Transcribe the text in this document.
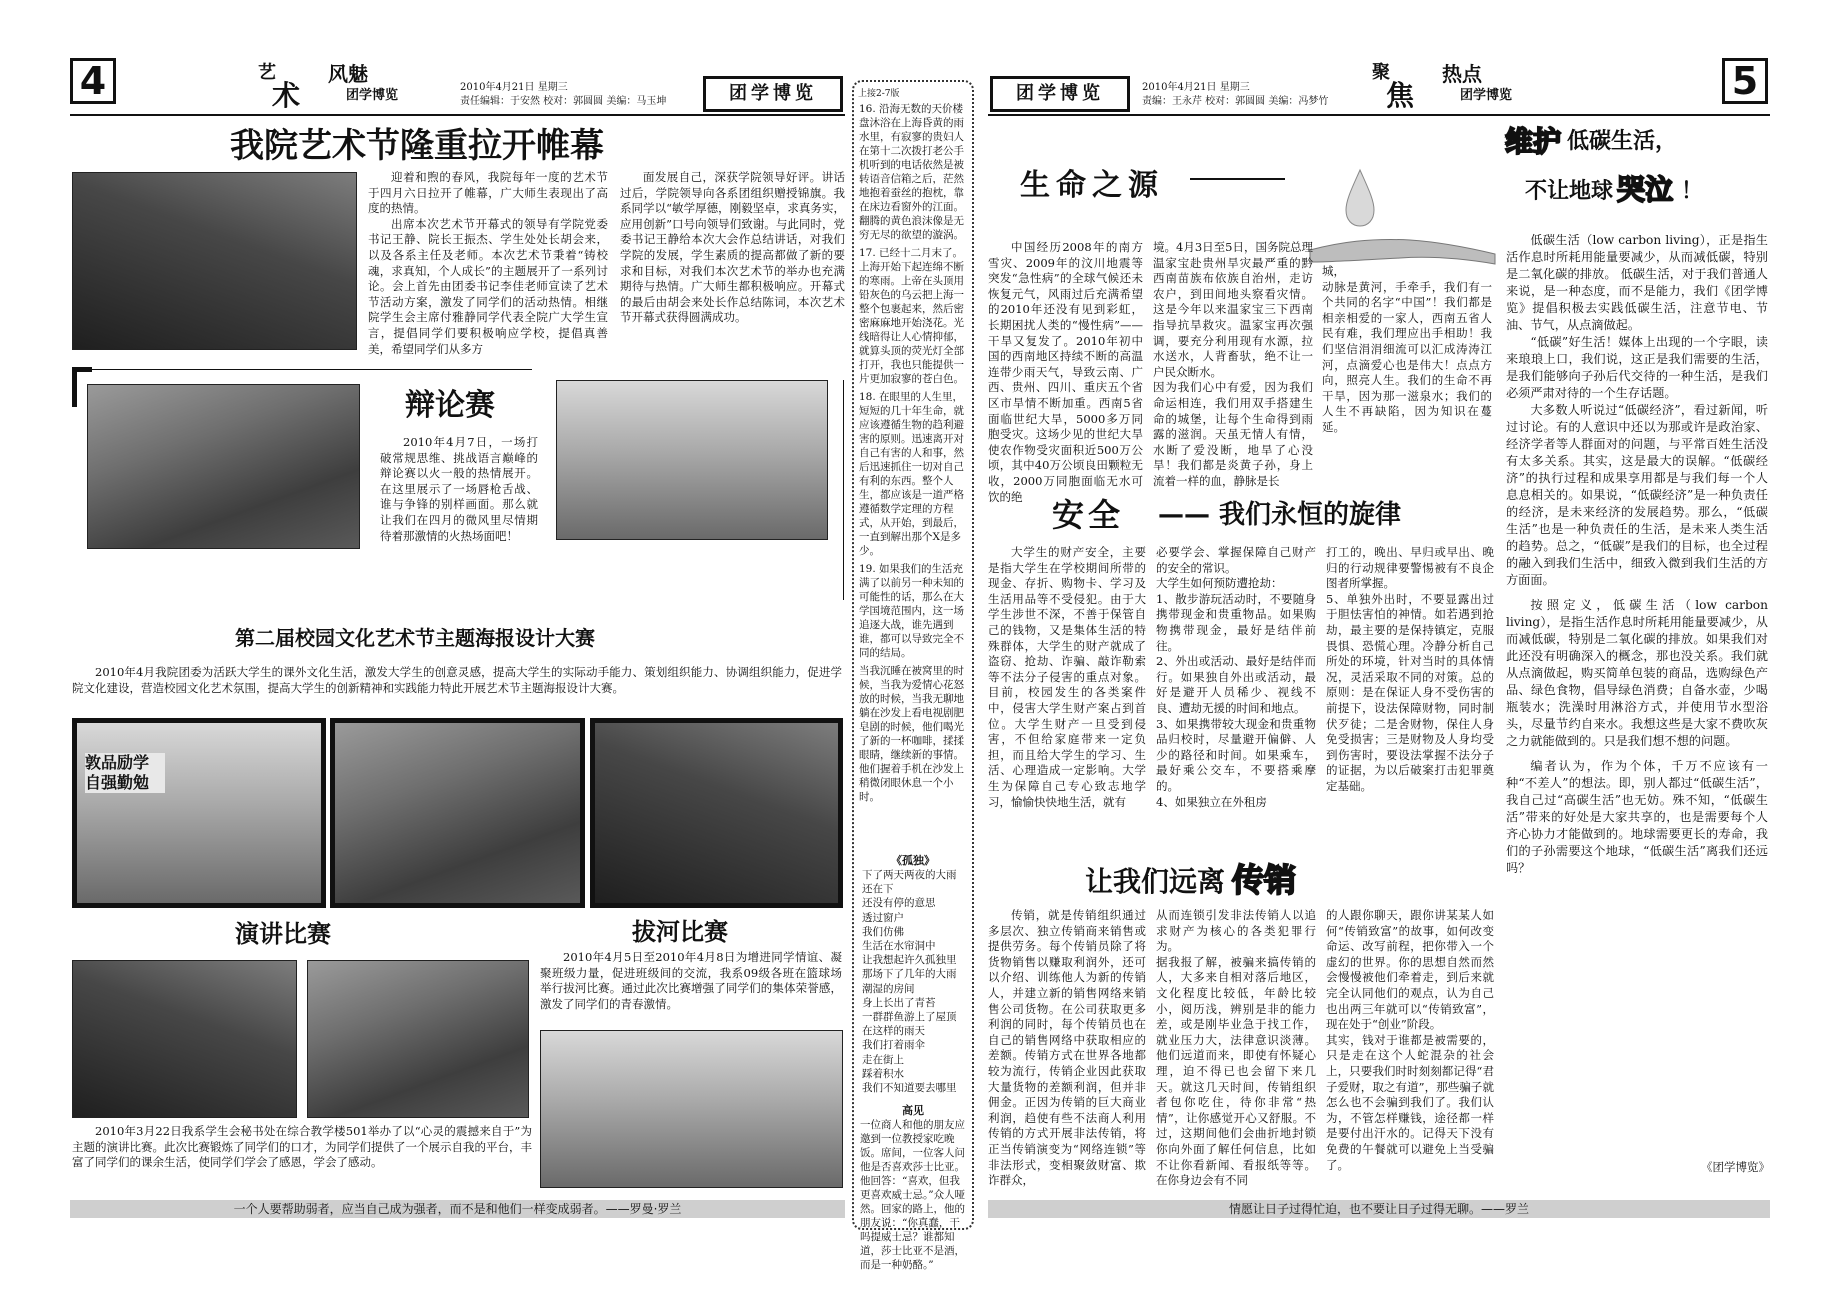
4	艺
术
风魅
团学博览
2010年4月21日 星期三
责任编辑：于安然 校对：郭圆圆 美编：马玉坤	团学博览
我院艺术节隆重拉开帷幕

迎着和煦的春风，我院每年一度的艺术节于四月六日拉开了帷幕，广大师生表现出了高度的热情。

出席本次艺术节开幕式的领导有学院党委书记王静、院长王振杰、学生处处长胡会来，以及各系主任及老师。本次艺术节秉着“铸校魂，求真知，个人成长”的主题展开了一系列讨论。会上首先由团委书记李佳老师宣读了艺术节活动方案，激发了同学们的活动热情。相继院学生会主席付雅静同学代表全院广大学生宣言，提倡同学们要积极响应学校，提倡真善美，希望同学们从多方

面发展自己，深获学院领导好评。讲话过后，学院领导向各系团组织赠授锦旗。我系同学以“敏学厚德，刚毅坚卓，求真务实，应用创新”口号向领导们致谢。与此同时，党委书记王静给本次大会作总结讲话，对我们学院的发展，学生素质的提高都做了新的要求和目标，对我们本次艺术节的举办也充满期待与热情。广大师生都积极响应。开幕式的最后由胡会来处长作总结陈词，本次艺术节开幕式获得圆满成功。

辩论赛

2010年4月7日，一场打破常规思维、挑战语言巅峰的辩论赛以火一般的热情展开。在这里展示了一场唇枪舌战、谁与争锋的别样画面。那么就让我们在四月的微风里尽情期待着那激情的火热场面吧！

第二届校园文化艺术节主题海报设计大赛

2010年4月我院团委为活跃大学生的课外文化生活，激发大学生的创意灵感，提高大学生的实际动手能力、策划组织能力、协调组织能力，促进学院文化建设，营造校园文化艺术氛围，提高大学生的创新精神和实践能力特此开展艺术节主题海报设计大赛。

敦品励学 自强勤勉
演讲比赛

2010年3月22日我系学生会秘书处在综合教学楼501举办了以“心灵的震撼来自于”为主题的演讲比赛。此次比赛锻炼了同学们的口才，为同学们提供了一个展示自我的平台，丰富了同学们的课余生活，使同学们学会了感恩，学会了感动。

拔河比赛

2010年4月5日至2010年4月8日为增进同学情谊、凝聚班级力量，促进班级间的交流，我系09级各班在篮球场举行拔河比赛。通过此次比赛增强了同学们的集体荣誉感，激发了同学们的青春激情。

一个人要帮助弱者，应当自己成为强者，而不是和他们一样变成弱者。——罗曼·罗兰
上接2-7版

16. 沿海无数的天价楼盘沐浴在上海昏黄的雨水里，有寂寥的贵妇人在第十二次拨打老公手机听到的电话依然是被转语音信箱之后，茫然地抱着蚕丝的抱枕，靠在床边看窗外的江面。翻腾的黄色浪沫像是无穷无尽的欲望的漩涡。

17. 已经十二月末了。上海开始下起连绵不断的寒雨。上帝在头顶用铅灰色的乌云把上海一整个包裹起来，然后密密麻麻地开始浇花。光线暗得让人心情抑郁，就算头顶的荧光灯全部打开，我也只能提供一片更加寂寥的苍白色。

18. 在眼里的人生里，短短的几十年生命，就应该遵循生物的趋利避害的原则。迅速离开对自己有害的人和事，然后迅速抓住一切对自己有利的东西。整个人生，都应该是一道严格遵循数学定理的方程式，从开始，到最后，一直到解出那个X是多少。

19. 如果我们的生活充满了以前另一种未知的可能性的话，那么在大学国境范围内，这一场追逐大战，谁先遇到谁，都可以导致完全不同的结局。

当我沉睡在被窝里的时候，当我为爱情心花怒放的时候，当我无聊地躺在沙发上看电视剧肥皂剧的时候，他们喝光了新的一杯咖啡，揉揉眼睛，继续新的事情。他们握着手机在沙发上稍微闭眼休息一个小时。

《孤独》
下了两天两夜的大雨
还在下
还没有停的意思
透过窗户
我们仿佛
生活在水帘洞中
让我想起许久孤独里
那场下了几年的大雨
潮湿的房间
身上长出了青苔
一群群鱼游上了屋顶
在这样的雨天
我们打着雨伞
走在街上
踩着积水
我们不知道要去哪里
高见

一位商人和他的朋友应邀到一位教授家吃晚饭。席间，一位客人问他是否喜欢莎士比亚。他回答：“喜欢，但我更喜欢威士忌。”众人哑然。回家的路上，他的朋友说：“你真蠢，干吗提威士忌？谁都知道，莎士比亚不是酒，而是一种奶酪。”

团学博览	2010年4月21日 星期三
责编：王永芹 校对：郭圆圆 美编：冯梦竹
聚
焦
热点
团学博览	5
生命之源

中国经历2008年的南方雪灾、2009年的汶川地震等突发“急性病”的全球气候还未恢复元气，风雨过后充满希望的2010年还没有见到彩虹，长期困扰人类的“慢性病”——干旱又复发了。2010年初中国的西南地区持续不断的高温连带少雨天气，导致云南、广西、贵州、四川、重庆五个省区市旱情不断加重。西南5省面临世纪大旱，5000多万同胞受灾。这场少见的世纪大旱使农作物受灾面积近500万公顷，其中40万公顷良田颗粒无收，2000万同胞面临无水可饮的绝

境。4月3日至5日，国务院总理温家宝赴贵州旱灾最严重的黔西南苗族布依族自治州，走访农户，到田间地头察看灾情。这是今年以来温家宝三下西南指导抗旱救灾。温家宝再次强调，要充分利用现有水源，拉水送水，人背畜驮，绝不让一户民众断水。
因为我们心中有爱，因为我们命运相连，我们用双手搭建生命的城堡，让每个生命得到雨露的滋润。天虽无情人有情，水断了爱没断，地旱了心没旱！我们都是炎黄子孙，身上流着一样的血，静脉是长
城，
动脉是黄河，手牵手，我们有一个共同的名字“中国”！我们都是相亲相爱的一家人，西南五省人民有难，我们理应出手相助！我们坚信涓涓细流可以汇成涛涛江河，点滴爱心也是伟大！点点方向，照亮人生。我们的生命不再干旱，因为那一滋泉水；我们的人生不再缺陷，因为知识在蔓延。
安全 —— 我们永恒的旋律

大学生的财产安全，主要是指大学生在学校期间所带的现金、存折、购物卡、学习及生活用品等不受侵犯。由于大学生涉世不深，不善于保管自己的钱物，又是集体生活的特殊群体，大学生的财产就成了盗窃、抢劫、诈骗、敲诈勒索等不法分子侵害的重点对象。目前，校园发生的各类案件中，侵害大学生财产案占到首位。大学生财产一旦受到侵害，不但给家庭带来一定负担，而且给大学生的学习、生活、心理造成一定影响。大学生为保障自己专心致志地学习，愉愉快快地生活，就有

必要学会、掌握保障自己财产的安全的常识。
大学生如何预防遭抢劫：
1、散步游玩活动时，不要随身携带现金和贵重物品。如果购物携带现金，最好是结伴前往。
2、外出或活动、最好是结伴而行。如果独自外出或活动，最好是避开人员稀少、视线不良、遭劫无援的时间和地点。
3、如果携带较大现金和贵重物品归校时，尽量避开偏僻、人少的路径和时间。如果乘车，最好乘公交车，不要搭乘摩的。
4、如果独立在外租房
打工的，晚出、早归或早出、晚归的行动规律要警惕被有不良企图者所掌握。
5、单独外出时，不要显露出过于胆怯害怕的神情。如若遇到抢劫，最主要的是保持镇定，克服畏惧、恐慌心理。冷静分析自己所处的环境，针对当时的具体情况，灵活采取不同的对策。总的原则：是在保证人身不受伤害的前提下，设法保障财物，同时制伏歹徒；二是舍财物，保住人身免受损害；三是财物及人身均受到伤害时，要设法掌握不法分子的证据，为以后破案打击犯罪奠定基础。
让我们远离 传销

传销，就是传销组织通过多层次、独立传销商来销售或提供劳务。每个传销员除了将货物销售以赚取利润外，还可以介绍、训练他人为新的传销人，并建立新的销售网络来销售公司货物。在公司获取更多利润的同时，每个传销员也在自己的销售网络中获取相应的差额。传销方式在世界各地都较为流行，传销企业因此获取大量货物的差额利润，但并非佣金。正因为传销的巨大商业利润，趋使有些不法商人利用传销的方式开展非法传销，将正当传销演变为“网络连锁”等非法形式，变相聚敛财富、欺诈群众，

从而连锁引发非法传销人以追求财产为核心的各类犯罪行为。
据我报了解，被骗来搞传销的人，大多来自相对落后地区，文化程度比较低，年龄比较小，阅历浅，辨别是非的能力差，或是刚毕业急于找工作，就业压力大，法律意识淡薄。他们远道而来，即使有怀疑心理，迫不得已也会留下来几天。就这几天时间，传销组织者包你吃住，待你非常“热情”，让你感觉开心又舒服。不过，这期间他们会曲折地封锁你向外面了解任何信息，比如不让你看新闻、看报纸等等。在你身边会有不同
的人跟你聊天，跟你讲某某人如何“传销致富”的故事，如何改变命运、改写前程，把你带入一个虚幻的世界。你的思想自然而然会慢慢被他们牵着走，到后来就完全认同他们的观点，认为自己也出两三年就可以“传销致富”，现在处于“创业”阶段。
其实，钱对于谁都是被需要的，只是走在这个人蛇混杂的社会上，只要我们时时刻刻都记得“君子爱财，取之有道”，那些骗子就怎么也不会骗到我们了。我们认为，不管怎样赚钱，途径都一样是要付出汗水的。记得天下没有免费的午餐就可以避免上当受骗了。
维护 低碳生活，
不让地球 哭泣 ！

低碳生活（low carbon living），正是指生活作息时所耗用能量要减少，从而减低碳，特别是二氧化碳的排放。 低碳生活，对于我们普通人来说，是一种态度，而不是能力，我们《团学博览》提倡积极去实践低碳生活，注意节电、节油、节气，从点滴做起。

“低碳”好生活！媒体上出现的一个字眼，读来琅琅上口，我们说，这正是我们需要的生活，是我们能够向子孙后代交待的一种生活，是我们必须严肃对待的一个生存话题。

大多数人听说过“低碳经济”，看过新闻，听过讨论。有的人意识中还以为那或许是政治家、经济学者等人群面对的问题，与平常百姓生活没有太多关系。其实，这是最大的误解。“低碳经济”的执行过程和成果享用都是与我们每一个人息息相关的。如果说，“低碳经济”是一种负责任的经济，是未来经济的发展趋势。那么，“低碳生活”也是一种负责任的生活，是未来人类生活的趋势。总之，“低碳”是我们的目标，也全过程的融入到我们生活中，细致入微到我们生活的方方面面。

按照定义，低碳生活（low carbon living），是指生活作息时所耗用能量要减少，从而减低碳，特别是二氧化碳的排放。如果我们对此还没有明确深入的概念，那也没关系。我们就从点滴做起，购买简单包装的商品，选购绿色产品、绿色食物，倡导绿色消费；自备水壶，少喝瓶装水；洗澡时用淋浴方式，并使用节水型浴头，尽量节约自来水。我想这些是大家不费吹灰之力就能做到的。只是我们想不想的问题。

编者认为，作为个体，千万不应该有一种“不差人”的想法。即，别人都过“低碳生活”，我自己过“高碳生活”也无妨。殊不知，“低碳生活”带来的好处是大家共享的，也是需要每个人齐心协力才能做到的。地球需要更长的寿命，我们的子孙需要这个地球，“低碳生活”离我们还远吗？

《团学博览》
情愿让日子过得忙迫，也不要让日子过得无聊。——罗兰
